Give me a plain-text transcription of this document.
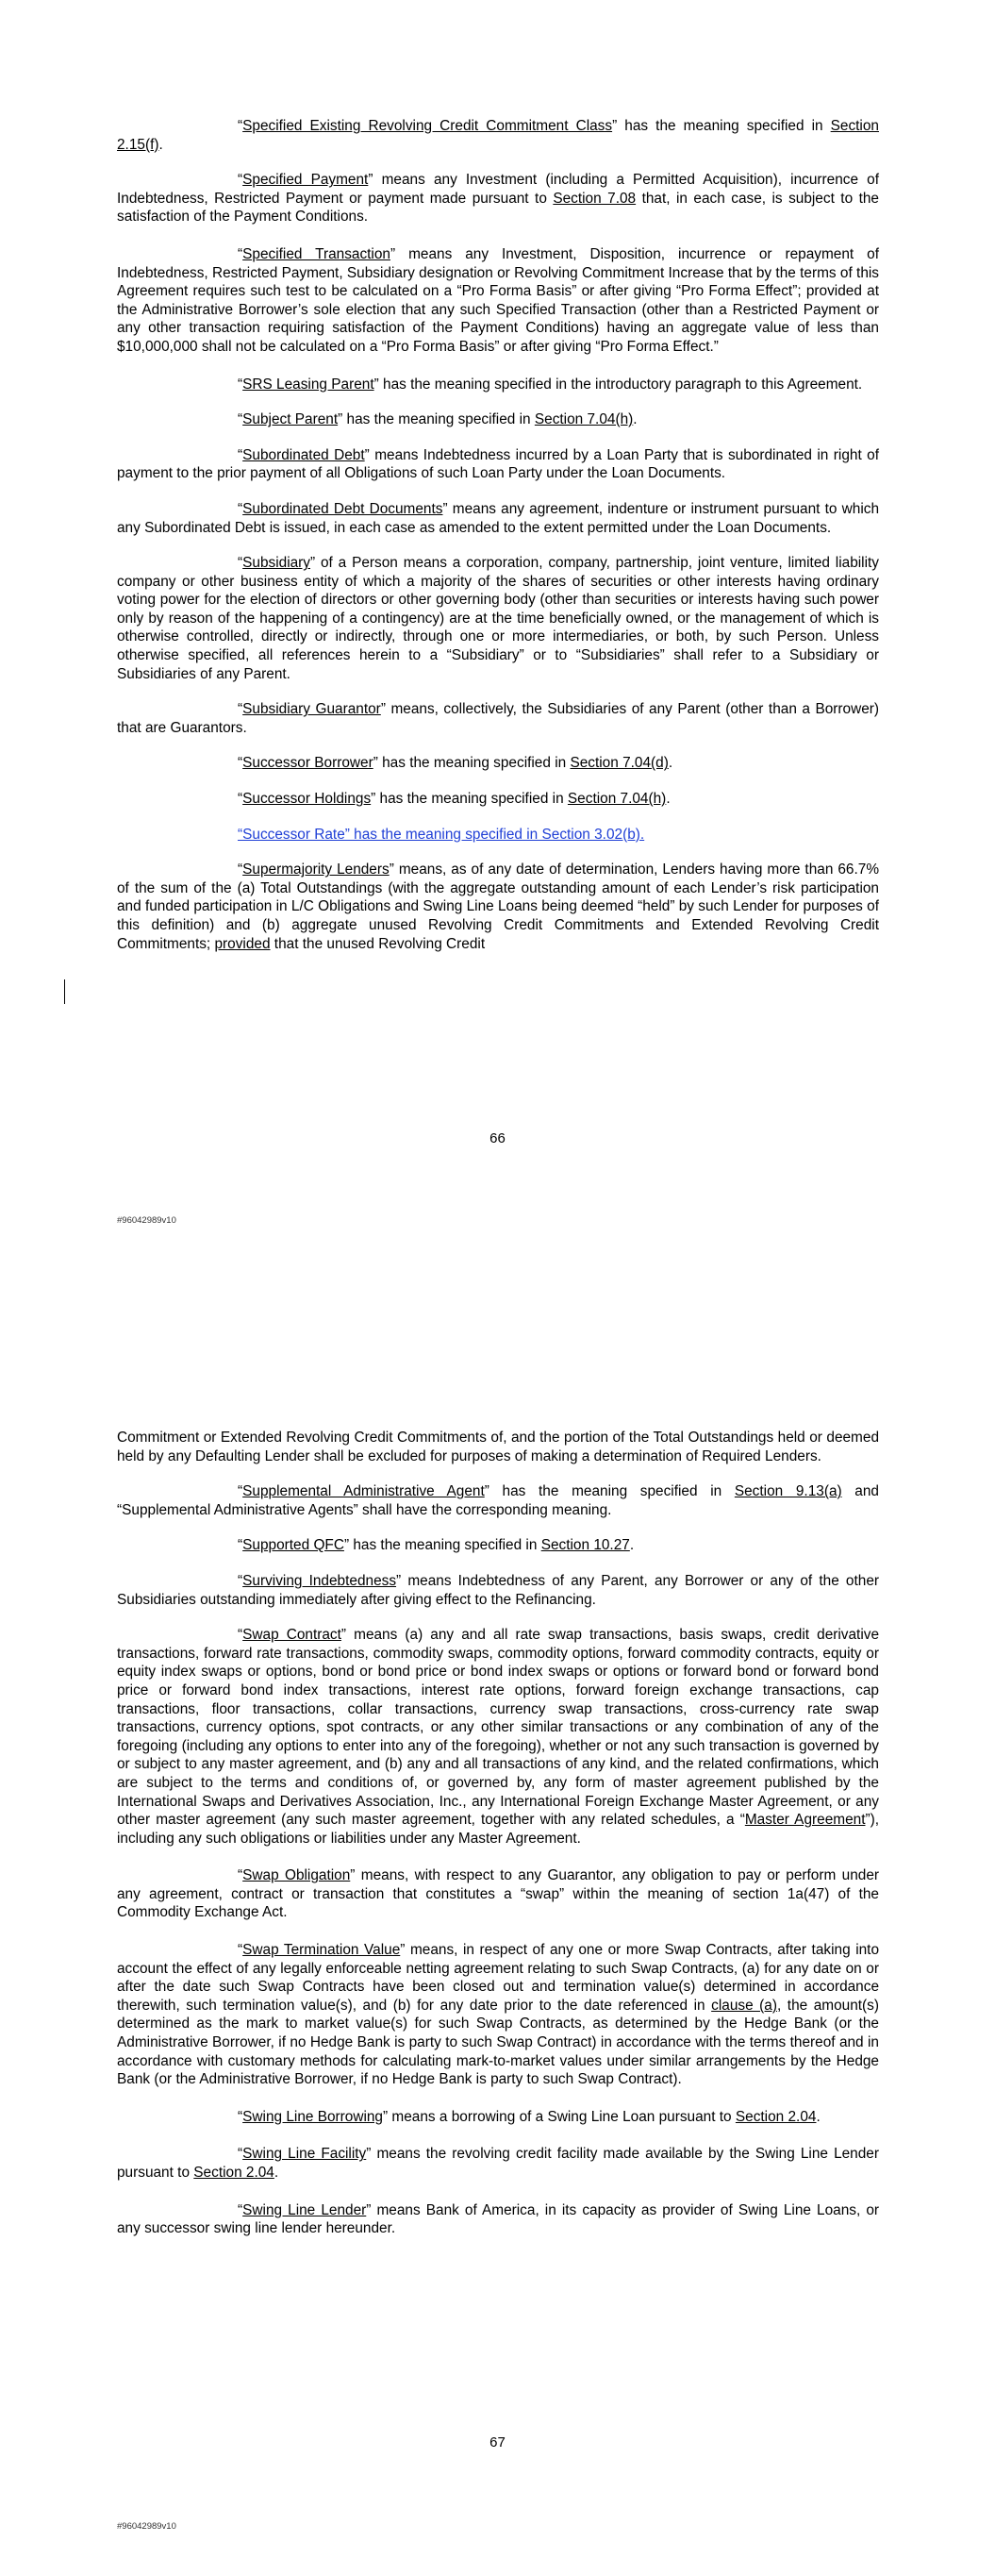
“Specified Existing Revolving Credit Commitment Class” has the meaning specified in Section 2.15(f).

“Specified Payment” means any Investment (including a Permitted Acquisition), incurrence of Indebtedness, Restricted Payment or payment made pursuant to Section 7.08 that, in each case, is subject to the satisfaction of the Payment Conditions.

“Specified Transaction” means any Investment, Disposition, incurrence or repayment of Indebtedness, Restricted Payment, Subsidiary designation or Revolving Commitment Increase that by the terms of this Agreement requires such test to be calculated on a “Pro Forma Basis” or after giving “Pro Forma Effect”; provided at the Administrative Borrower’s sole election that any such Specified Transaction (other than a Restricted Payment or any other transaction requiring satisfaction of the Payment Conditions) having an aggregate value of less than $10,000,000 shall not be calculated on a “Pro Forma Basis” or after giving “Pro Forma Effect.”

“SRS Leasing Parent” has the meaning specified in the introductory paragraph to this Agreement.

“Subject Parent” has the meaning specified in Section 7.04(h).

“Subordinated Debt” means Indebtedness incurred by a Loan Party that is subordinated in right of payment to the prior payment of all Obligations of such Loan Party under the Loan Documents.

“Subordinated Debt Documents” means any agreement, indenture or instrument pursuant to which any Subordinated Debt is issued, in each case as amended to the extent permitted under the Loan Documents.

“Subsidiary” of a Person means a corporation, company, partnership, joint venture, limited liability company or other business entity of which a majority of the shares of securities or other interests having ordinary voting power for the election of directors or other governing body (other than securities or interests having such power only by reason of the happening of a contingency) are at the time beneficially owned, or the management of which is otherwise controlled, directly or indirectly, through one or more intermediaries, or both, by such Person. Unless otherwise specified, all references herein to a “Subsidiary” or to “Subsidiaries” shall refer to a Subsidiary or Subsidiaries of any Parent.

“Subsidiary Guarantor” means, collectively, the Subsidiaries of any Parent (other than a Borrower) that are Guarantors.

“Successor Borrower” has the meaning specified in Section 7.04(d).

“Successor Holdings” has the meaning specified in Section 7.04(h).

“Successor Rate” has the meaning specified in Section 3.02(b).

“Supermajority Lenders” means, as of any date of determination, Lenders having more than 66.7% of the sum of the (a) Total Outstandings (with the aggregate outstanding amount of each Lender’s risk participation and funded participation in L/C Obligations and Swing Line Loans being deemed “held” by such Lender for purposes of this definition) and (b) aggregate unused Revolving Credit Commitments and Extended Revolving Credit Commitments; provided that the unused Revolving Credit

66
#96042989v10

Commitment or Extended Revolving Credit Commitments of, and the portion of the Total Outstandings held or deemed held by any Defaulting Lender shall be excluded for purposes of making a determination of Required Lenders.

“Supplemental Administrative Agent” has the meaning specified in Section 9.13(a) and “Supplemental Administrative Agents” shall have the corresponding meaning.

“Supported QFC” has the meaning specified in Section 10.27.

“Surviving Indebtedness” means Indebtedness of any Parent, any Borrower or any of the other Subsidiaries outstanding immediately after giving effect to the Refinancing.

“Swap Contract” means (a) any and all rate swap transactions, basis swaps, credit derivative transactions, forward rate transactions, commodity swaps, commodity options, forward commodity contracts, equity or equity index swaps or options, bond or bond price or bond index swaps or options or forward bond or forward bond price or forward bond index transactions, interest rate options, forward foreign exchange transactions, cap transactions, floor transactions, collar transactions, currency swap transactions, cross-currency rate swap transactions, currency options, spot contracts, or any other similar transactions or any combination of any of the foregoing (including any options to enter into any of the foregoing), whether or not any such transaction is governed by or subject to any master agreement, and (b) any and all transactions of any kind, and the related confirmations, which are subject to the terms and conditions of, or governed by, any form of master agreement published by the International Swaps and Derivatives Association, Inc., any International Foreign Exchange Master Agreement, or any other master agreement (any such master agreement, together with any related schedules, a “Master Agreement”), including any such obligations or liabilities under any Master Agreement.

“Swap Obligation” means, with respect to any Guarantor, any obligation to pay or perform under any agreement, contract or transaction that constitutes a “swap” within the meaning of section 1a(47) of the Commodity Exchange Act.

“Swap Termination Value” means, in respect of any one or more Swap Contracts, after taking into account the effect of any legally enforceable netting agreement relating to such Swap Contracts, (a) for any date on or after the date such Swap Contracts have been closed out and termination value(s) determined in accordance therewith, such termination value(s), and (b) for any date prior to the date referenced in clause (a), the amount(s) determined as the mark to market value(s) for such Swap Contracts, as determined by the Hedge Bank (or the Administrative Borrower, if no Hedge Bank is party to such Swap Contract) in accordance with the terms thereof and in accordance with customary methods for calculating mark-to-market values under similar arrangements by the Hedge Bank (or the Administrative Borrower, if no Hedge Bank is party to such Swap Contract).

“Swing Line Borrowing” means a borrowing of a Swing Line Loan pursuant to Section 2.04.

“Swing Line Facility” means the revolving credit facility made available by the Swing Line Lender pursuant to Section 2.04.

“Swing Line Lender” means Bank of America, in its capacity as provider of Swing Line Loans, or any successor swing line lender hereunder.

67
#96042989v10
